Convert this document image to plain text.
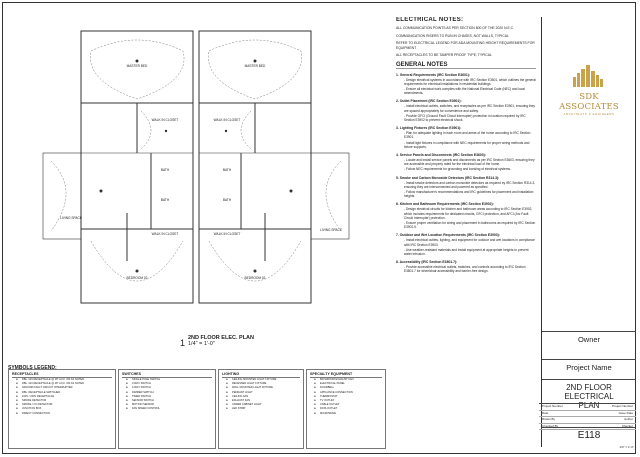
MASTER BED	MASTER BED
WALK IN CLOSET	WALK IN CLOSET
BATH	BATH
BATH	BATH
WALK IN CLOSET	WALK IN CLOSET
LIVING SPACE
LIVING SPACE
BEDROOM 02	BEDROOM 02
1 2ND FLOOR ELEC. PLAN
1/4" = 1'-0"
ELECTRICAL NOTES:

ALL COMMUNICATION POINTS AS PER SECTION 800 OF THE 2020 N.E.C.

COMMUNICATION RISERS TO RUN IN CHASES, NOT WALLS, TYPICAL

REFER TO ELECTRICAL LEGEND FOR ADA MOUNTING HEIGHT REQUIREMENTS FOR EQUIPMENT

ALL RECEPTACLES TO BE TAMPER PROOF TYPE, TYPICAL

GENERAL NOTES
1. General Requirements (IRC Section E3601):
- Design electrical systems in accordance with IRC Section E3601, which outlines the general requirements for electrical installations in residential buildings.
- Ensure all electrical work complies with the National Electrical Code (NEC) and local amendments.
2. Outlet Placement (IRC Section E3901):
- Install electrical outlets, switches, and receptacles as per IRC Section E3901, ensuring they are spaced appropriately for convenience and safety.
- Provide GFCI (Ground Fault Circuit Interrupter) protection in location required by IRC Section E3902 to prevent electrical shock.
3. Lighting Fixtures (IRC Section E3901):
- Plan for adequate lighting in each room and areas of the home according to IRC Section E3901.
- Install light fixtures in compliance with NEC requirements for proper wiring methods and fixture supports.
4. Service Panels and Disconnects (IRC Section E3603):
- Locate and install service panels and disconnects as per IRC Section E3603, ensuring they are accessible and properly rated for the electrical load of the home.
- Follow NEC requirements for grounding and bonding of electrical systems.
5. Smoke and Carbon Monoxide Detectors (IRC Section R314.3):
- Install smoke detectors and carbon monoxide detectors as required by IRC Section R314.3, ensuring they are interconnected and powered as specified.
- Follow manufacturer's recommendations and IRC guidelines for placement and installation heights.
6. Kitchen and Bathroom Requirements (IRC Section E3902):
- Design electrical circuits for kitchen and bathroom areas according to IRC Section E3902, which includes requirements for dedicated circuits, GFCI protection, and AFCI (Arc Fault Circuit Interrupter) protection.
- Ensure proper ventilation for wiring and placement in bathrooms as required by IRC Section E3902.5.
7. Outdoor and Wet Location Requirements (IRC Section E3903):
- Install electrical outlets, lighting, and equipment for outdoor and wet locations in compliance with IRC Section E3903.
- Use weather-resistant materials and install equipment at appropriate heights to prevent water intrusion.
8. Accessibility (IRC Section E3801.7):
- Provide accessible electrical outlets, switches, and controls according to IRC Section E3801.7 for wheelchair accessibility and barrier-free design.
SDK ASSOCIATES
ARCHITECTS & ENGINEERS
Owner
Project Name
2ND FLOOR
ELECTRICAL
PLAN
Project Number	Project Number
Date	Issue Date
Drawn By	Author
Checked By	Checker
E118
1/4" = 1'-0"
SYMBOLS LEGEND:
RECEPTACLES
⊕ DBL. GFI RECEPTACLE @ 18" A.F.F. OR AS NOTED
⊕ DBL. GFI RECEPTACLE @ 18" A.F.F. OR AS NOTED
⊕ GROUND FAULT CIRCUIT INTERRUPTER
⊕ DBL. RECEPTACLE SWITCHED
⊕ 220V / 240V RECEPTACLE
⊕ SMOKE DETECTOR
⊕ SMOKE / CO DETECTOR
⊕ JUNCTION BOX
⊕ DIRECT CONNECTION
SWITCHES
⊕ SINGLE POLE SWITCH
⊕ 3-WAY SWITCH
⊕ 4-WAY SWITCH
⊕ DIMMER SWITCH
⊕ TIMER SWITCH
⊕ SENSOR SWITCH
⊕ MOTION SENSOR
⊕ FAN SPEED CONTROL
LIGHTING
⊕ CEILING MOUNTED LIGHT FIXTURE
⊕ RECESSED LIGHT FIXTURE
⊕ WALL MOUNTED LIGHT FIXTURE
⊕ PENDANT LIGHT
⊕ CEILING FAN
⊕ EXHAUST FAN
⊕ UNDER CABINET LIGHT
⊕ LED STRIP
SPECIALTY EQUIPMENT
⊕ BATHROOM EXHAUST FAN
⊕ ELECTRICAL PANEL
⊕ DOORBELL
⊕ APPLIANCE CONNECTION
⊕ THERMOSTAT
⊕ TV OUTLET
⊕ CABLE OUTLET
⊕ DATA OUTLET
⊕ MICROWAVE
